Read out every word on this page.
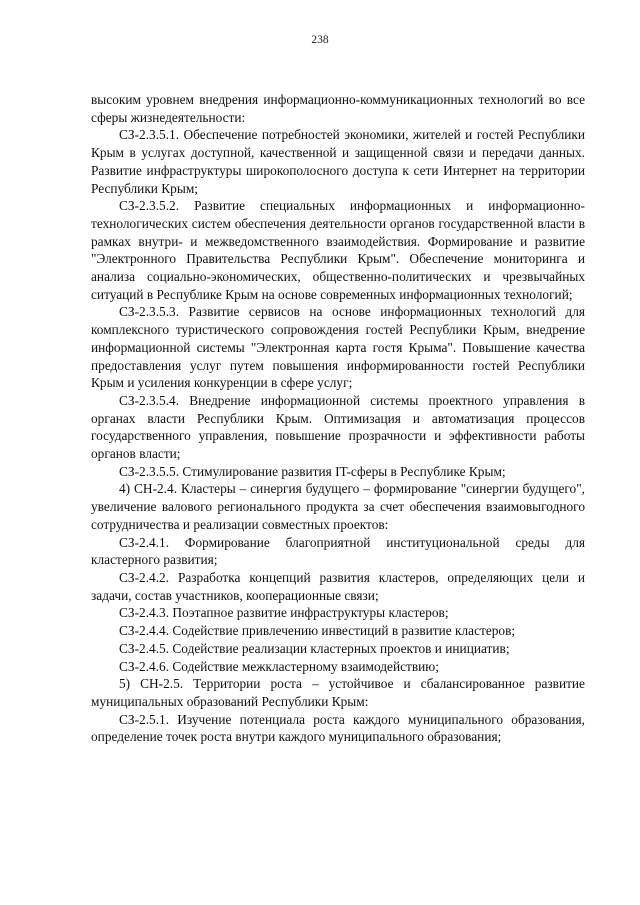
238

высоким уровнем внедрения информационно-коммуникационных технологий во все сферы жизнедеятельности:

СЗ-2.3.5.1. Обеспечение потребностей экономики, жителей и гостей Республики Крым в услугах доступной, качественной и защищенной связи и передачи данных. Развитие инфраструктуры широкополосного доступа к сети Интернет на территории Республики Крым;

СЗ-2.3.5.2. Развитие специальных информационных и информационно-технологических систем обеспечения деятельности органов государственной власти в рамках внутри- и межведомственного взаимодействия. Формирование и развитие "Электронного Правительства Республики Крым". Обеспечение мониторинга и анализа социально-экономических, общественно-политических и чрезвычайных ситуаций в Республике Крым на основе современных информационных технологий;

СЗ-2.3.5.3. Развитие сервисов на основе информационных технологий для комплексного туристического сопровождения гостей Республики Крым, внедрение информационной системы "Электронная карта гостя Крыма". Повышение качества предоставления услуг путем повышения информированности гостей Республики Крым и усиления конкуренции в сфере услуг;

СЗ-2.3.5.4. Внедрение информационной системы проектного управления в органах власти Республики Крым. Оптимизация и автоматизация процессов государственного управления, повышение прозрачности и эффективности работы органов власти;

СЗ-2.3.5.5. Стимулирование развития IT-сферы в Республике Крым;

4) СН-2.4. Кластеры – синергия будущего – формирование "синергии будущего", увеличение валового регионального продукта за счет обеспечения взаимовыгодного сотрудничества и реализации совместных проектов:

СЗ-2.4.1. Формирование благоприятной институциональной среды для кластерного развития;

СЗ-2.4.2. Разработка концепций развития кластеров, определяющих цели и задачи, состав участников, кооперационные связи;

СЗ-2.4.3. Поэтапное развитие инфраструктуры кластеров;

СЗ-2.4.4. Содействие привлечению инвестиций в развитие кластеров;

СЗ-2.4.5. Содействие реализации кластерных проектов и инициатив;

СЗ-2.4.6. Содействие межкластерному взаимодействию;

5) СН-2.5. Территории роста – устойчивое и сбалансированное развитие муниципальных образований Республики Крым:

СЗ-2.5.1. Изучение потенциала роста каждого муниципального образования, определение точек роста внутри каждого муниципального образования;
